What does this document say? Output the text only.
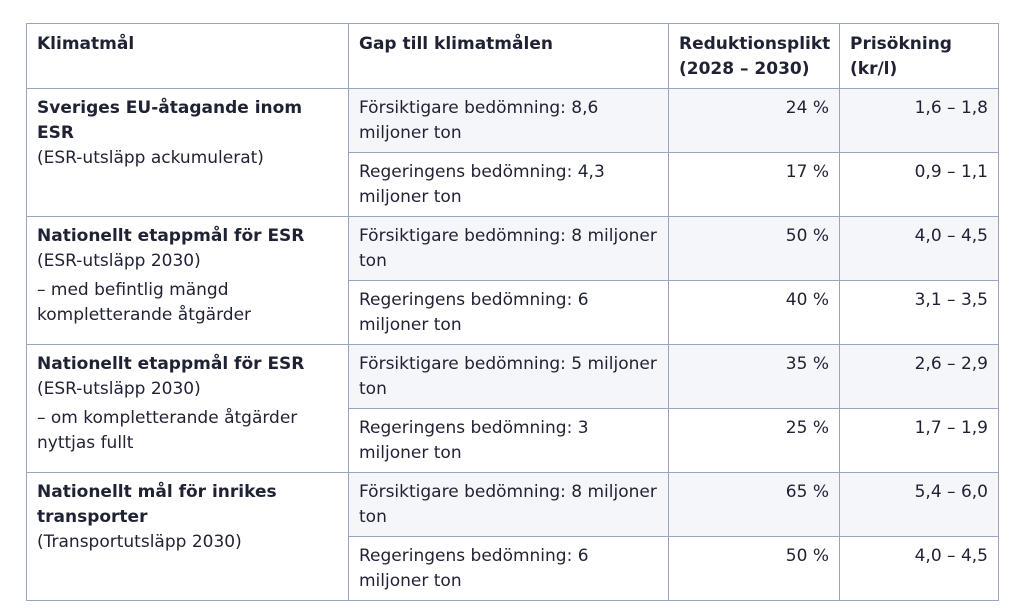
Klimatmål	Gap till klimatmålen	Reduktionsplikt (2028 – 2030)	Prisökning (kr/l)

Sveriges EU-åtagande inom ESR
(ESR-utsläpp ackumulerat)	Försiktigare bedömning: 8,6 miljoner ton	24 %	1,6 – 1,8
	Regeringens bedömning: 4,3 miljoner ton	17 %	0,9 – 1,1

Nationellt etappmål för ESR
(ESR-utsläpp 2030)
– med befintlig mängd kompletterande åtgärder	Försiktigare bedömning: 8 miljoner ton	50 %	4,0 – 4,5
	Regeringens bedömning: 6 miljoner ton	40 %	3,1 – 3,5

Nationellt etappmål för ESR
(ESR-utsläpp 2030)
– om kompletterande åtgärder nyttjas fullt	Försiktigare bedömning: 5 miljoner ton	35 %	2,6 – 2,9
	Regeringens bedömning: 3 miljoner ton	25 %	1,7 – 1,9

Nationellt mål för inrikes transporter
(Transportutsläpp 2030)	Försiktigare bedömning: 8 miljoner ton	65 %	5,4 – 6,0
	Regeringens bedömning: 6 miljoner ton	50 %	4,0 – 4,5
